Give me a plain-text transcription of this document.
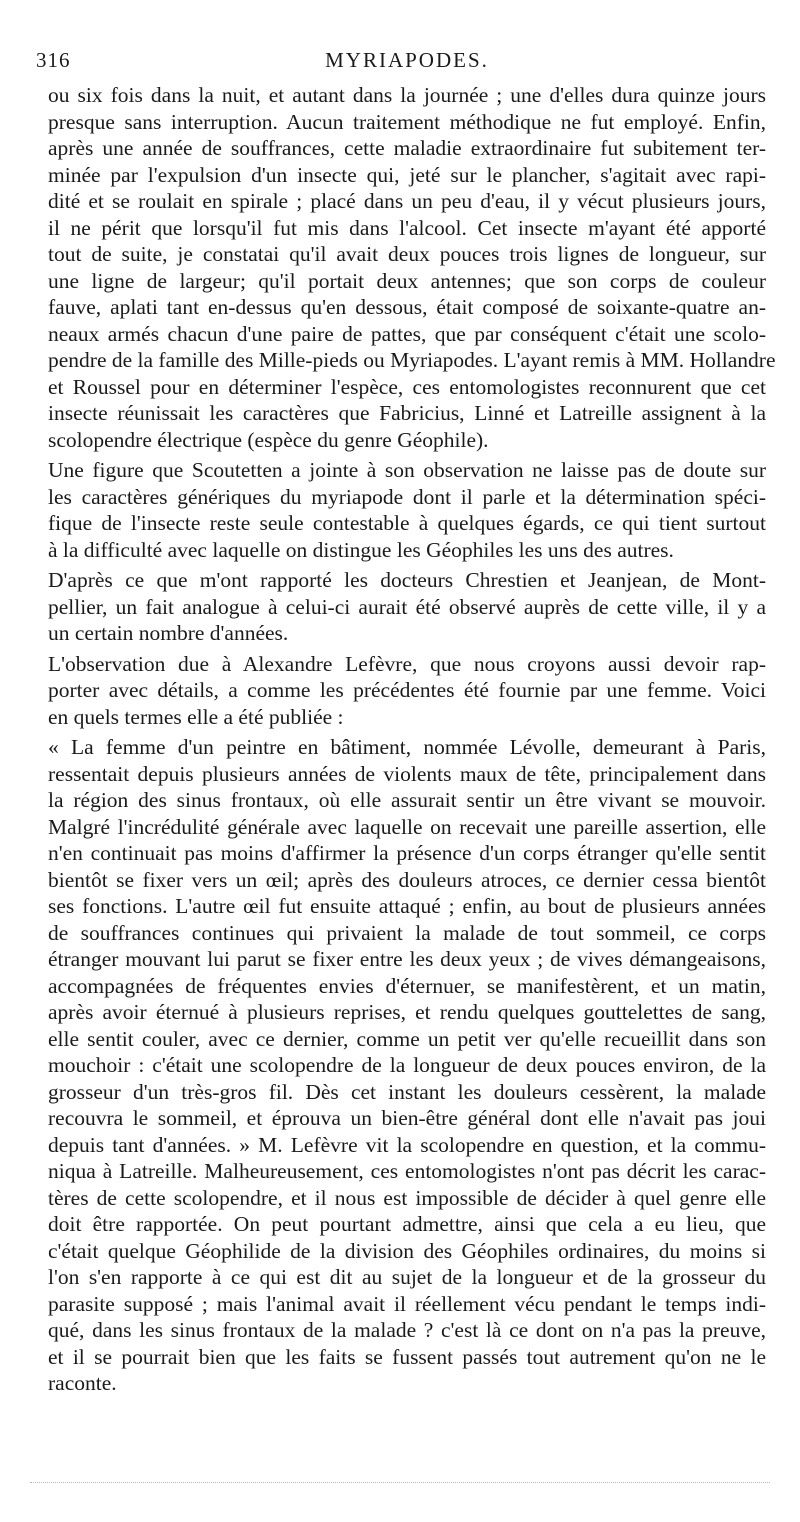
316	MYRIAPODES.
ou six fois dans la nuit, et autant dans la journée ; une d'elles dura quinze jours
presque sans interruption. Aucun traitement méthodique ne fut employé. Enfin,
après une année de souffrances, cette maladie extraordinaire fut subitement ter-
minée par l'expulsion d'un insecte qui, jeté sur le plancher, s'agitait avec rapi-
dité et se roulait en spirale ; placé dans un peu d'eau, il y vécut plusieurs jours,
il ne périt que lorsqu'il fut mis dans l'alcool. Cet insecte m'ayant été apporté
tout de suite, je constatai qu'il avait deux pouces trois lignes de longueur, sur
une ligne de largeur; qu'il portait deux antennes; que son corps de couleur
fauve, aplati tant en-dessus qu'en dessous, était composé de soixante-quatre an-
neaux armés chacun d'une paire de pattes, que par conséquent c'était une scolo-
pendre de la famille des Mille-pieds ou Myriapodes. L'ayant remis à MM. Hollandre
et Roussel pour en déterminer l'espèce, ces entomologistes reconnurent que cet
insecte réunissait les caractères que Fabricius, Linné et Latreille assignent à la
scolopendre électrique (espèce du genre Géophile).
Une figure que Scoutetten a jointe à son observation ne laisse pas de doute sur
les caractères génériques du myriapode dont il parle et la détermination spéci-
fique de l'insecte reste seule contestable à quelques égards, ce qui tient surtout
à la difficulté avec laquelle on distingue les Géophiles les uns des autres.
D'après ce que m'ont rapporté les docteurs Chrestien et Jeanjean, de Mont-
pellier, un fait analogue à celui-ci aurait été observé auprès de cette ville, il y a
un certain nombre d'années.
L'observation due à Alexandre Lefèvre, que nous croyons aussi devoir rap-
porter avec détails, a comme les précédentes été fournie par une femme. Voici
en quels termes elle a été publiée :
« La femme d'un peintre en bâtiment, nommée Lévolle, demeurant à Paris,
ressentait depuis plusieurs années de violents maux de tête, principalement dans
la région des sinus frontaux, où elle assurait sentir un être vivant se mouvoir.
Malgré l'incrédulité générale avec laquelle on recevait une pareille assertion, elle
n'en continuait pas moins d'affirmer la présence d'un corps étranger qu'elle sentit
bientôt se fixer vers un œil; après des douleurs atroces, ce dernier cessa bientôt
ses fonctions. L'autre œil fut ensuite attaqué ; enfin, au bout de plusieurs années
de souffrances continues qui privaient la malade de tout sommeil, ce corps
étranger mouvant lui parut se fixer entre les deux yeux ; de vives démangeaisons,
accompagnées de fréquentes envies d'éternuer, se manifestèrent, et un matin,
après avoir éternué à plusieurs reprises, et rendu quelques gouttelettes de sang,
elle sentit couler, avec ce dernier, comme un petit ver qu'elle recueillit dans son
mouchoir : c'était une scolopendre de la longueur de deux pouces environ, de la
grosseur d'un très-gros fil. Dès cet instant les douleurs cessèrent, la malade
recouvra le sommeil, et éprouva un bien-être général dont elle n'avait pas joui
depuis tant d'années. » M. Lefèvre vit la scolopendre en question, et la commu-
niqua à Latreille. Malheureusement, ces entomologistes n'ont pas décrit les carac-
tères de cette scolopendre, et il nous est impossible de décider à quel genre elle
doit être rapportée. On peut pourtant admettre, ainsi que cela a eu lieu, que
c'était quelque Géophilide de la division des Géophiles ordinaires, du moins si
l'on s'en rapporte à ce qui est dit au sujet de la longueur et de la grosseur du
parasite supposé ; mais l'animal avait il réellement vécu pendant le temps indi-
qué, dans les sinus frontaux de la malade ? c'est là ce dont on n'a pas la preuve,
et il se pourrait bien que les faits se fussent passés tout autrement qu'on ne le
raconte.
